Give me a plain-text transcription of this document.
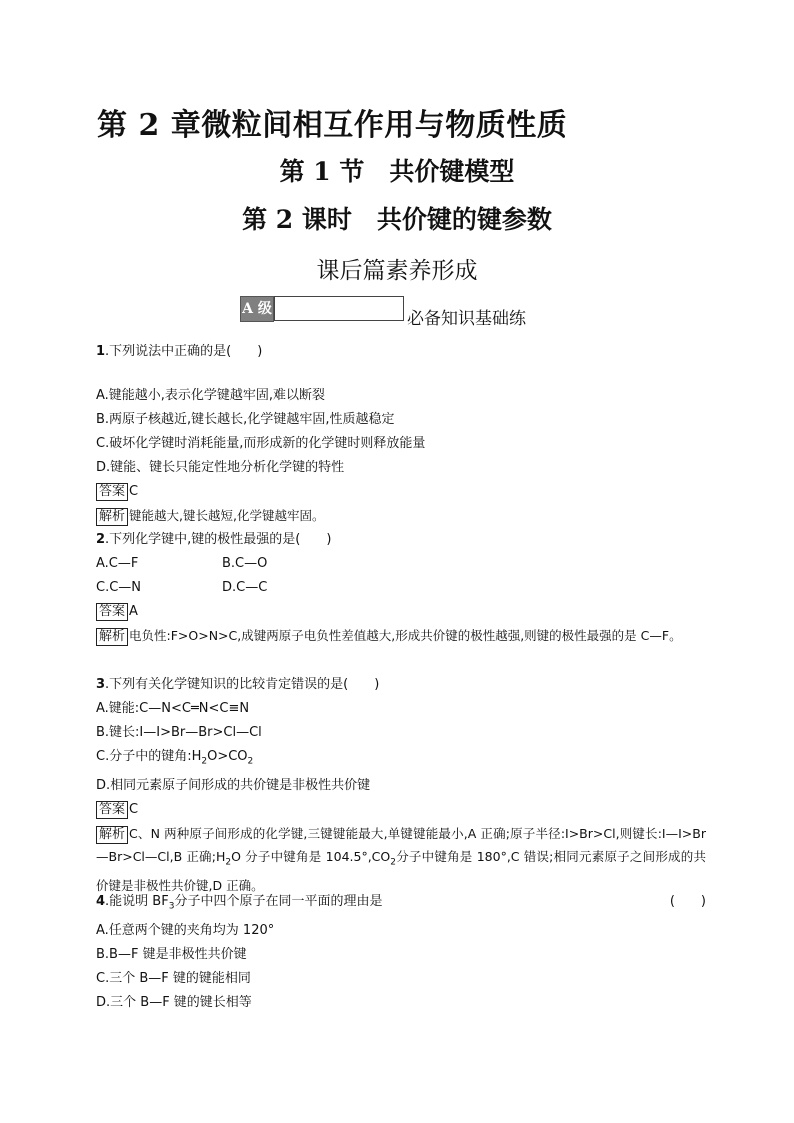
第 2 章微粒间相互作用与物质性质
第 1 节　共价键模型
第 2 课时　共价键的键参数
课后篇素养形成
A 级	必备知识基础练
1.下列说法中正确的是(　　)
A.键能越小,表示化学键越牢固,难以断裂
B.两原子核越近,键长越长,化学键越牢固,性质越稳定
C.破坏化学键时消耗能量,而形成新的化学键时则释放能量
D.键能、键长只能定性地分析化学键的特性
答案 C
解析 键能越大,键长越短,化学键越牢固。
2.下列化学键中,键的极性最强的是(　　)
A.C—F	B.C—O
C.C—N	D.C—C
答案 A
解析 电负性:F>O>N>C,成键两原子电负性差值越大,形成共价键的极性越强,则键的极性最强的是 C—F。
3.下列有关化学键知识的比较肯定错误的是(　　)
A.键能:C—N<C═N<C≡N
B.键长:I—I>Br—Br>Cl—Cl
C.分子中的键角$:H_2O>CO_2$
D.相同元素原子间形成的共价键是非极性共价键
答案 C
解析 C、N 两种原子间形成的化学键,三键键能最大,单键键能最小,A 正确;原子半径:I>Br>Cl,则键长:I—I>Br—Br>Cl—Cl,B 正确$;H_2O$ 分子中键角是 $104.5^\circ,CO_2$分子中键角是 180°,C 错误;相同元素原子之间形成的共价键是非极性共价键,D 正确。
4.能说明 $BF_3$分子中四个原子在同一平面的理由是	(　　)
A.任意两个键的夹角均为 120°
B.B—F 键是非极性共价键
C.三个 B—F 键的键能相同
D.三个 B—F 键的键长相等
